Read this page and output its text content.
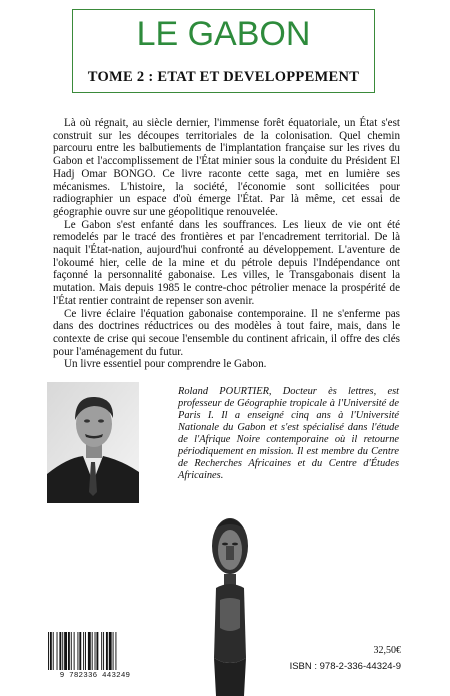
LE GABON
TOME 2 : ETAT ET DEVELOPPEMENT

Là où régnait, au siècle dernier, l'immense forêt équatoriale, un État s'est construit sur les découpes territoriales de la colonisation. Quel chemin parcouru entre les balbutiements de l'implantation française sur les rives du Gabon et l'accomplissement de l'État minier sous la conduite du Président El Hadj Omar BONGO. Ce livre raconte cette saga, met en lumière ses mécanismes. L'histoire, la société, l'économie sont sollicitées pour radiographier un espace d'où émerge l'État. Par là même, cet essai de géographie ouvre sur une géopolitique renouvelée.

Le Gabon s'est enfanté dans les souffrances. Les lieux de vie ont été remodelés par le tracé des frontières et par l'encadrement territorial. De là naquit l'État-nation, aujourd'hui confronté au développement. L'aventure de l'okoumé hier, celle de la mine et du pétrole depuis l'Indépendance ont façonné la personnalité gabonaise. Les villes, le Transgabonais disent la mutation. Mais depuis 1985 le contre-choc pétrolier menace la prospérité de l'État rentier contraint de repenser son avenir.

Ce livre éclaire l'équation gabonaise contemporaine. Il ne s'enferme pas dans des doctrines réductrices ou des modèles à tout faire, mais, dans le contexte de crise qui secoue l'ensemble du continent africain, il offre des clés pour l'aménagement du futur.

Un livre essentiel pour comprendre le Gabon.

Roland POURTIER, Docteur ès lettres, est professeur de Géographie tropicale à l'Université de Paris I. Il a enseigné cinq ans à l'Université Nationale du Gabon et s'est spécialisé dans l'étude de l'Afrique Noire contemporaine où il retourne périodiquement en mission. Il est membre du Centre de Recherches Africaines et du Centre d'Études Africaines.
9 782336 443249
32,50€
ISBN : 978-2-336-44324-9
